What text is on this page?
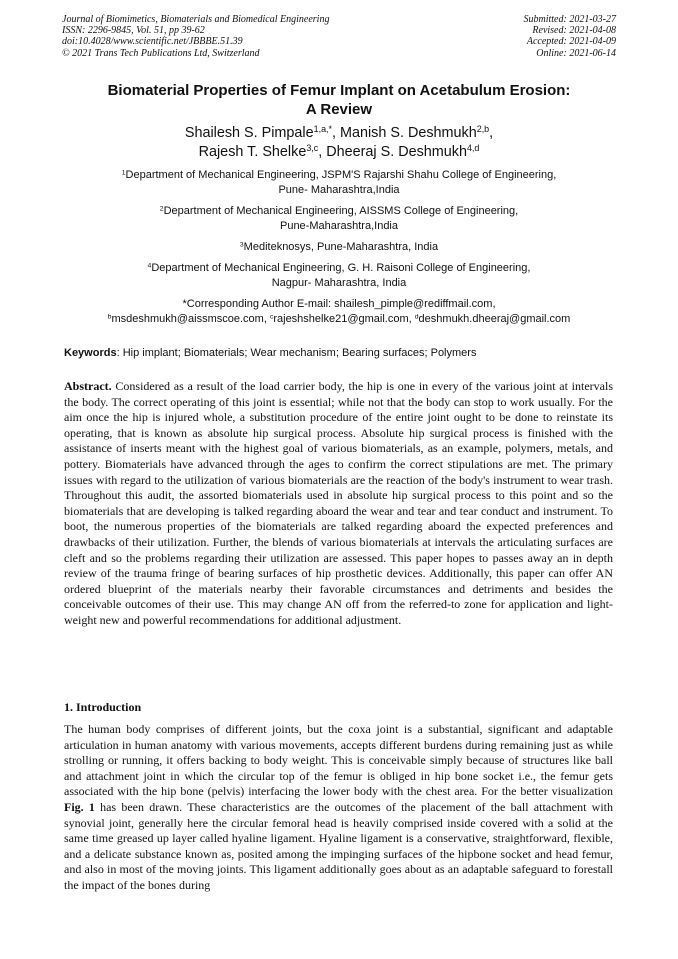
Journal of Biomimetics, Biomaterials and Biomedical Engineering
ISSN: 2296-9845, Vol. 51, pp 39-62
doi:10.4028/www.scientific.net/JBBBE.51.39
© 2021 Trans Tech Publications Ltd, Switzerland
Submitted: 2021-03-27
Revised: 2021-04-08
Accepted: 2021-04-09
Online: 2021-06-14
Biomaterial Properties of Femur Implant on Acetabulum Erosion:
A Review
Shailesh S. Pimpale$^{1,a,*}$, Manish S. Deshmukh$^{2,b}$,
Rajesh T. Shelke$^{3,c}$, Dheeraj S. Deshmukh$^{4,d}$
$^1$Department of Mechanical Engineering, JSPM'S Rajarshi Shahu College of Engineering,
Pune- Maharashtra,India
$^2$Department of Mechanical Engineering, AISSMS College of Engineering,
Pune-Maharashtra,India
$^3$Mediteknosys, Pune-Maharashtra, India
$^4$Department of Mechanical Engineering, G. H. Raisoni College of Engineering,
Nagpur- Maharashtra, India
*Corresponding Author E-mail: shailesh_pimple@rediffmail.com,
$^b$msdeshmukh@aissmscoe.com, $^c$rajeshshelke21@gmail.com, $^d$deshmukh.dheeraj@gmail.com
Keywords: Hip implant; Biomaterials; Wear mechanism; Bearing surfaces; Polymers
Abstract. Considered as a result of the load carrier body, the hip is one in every of the various joint at intervals the body. The correct operating of this joint is essential; while not that the body can stop to work usually. For the aim once the hip is injured whole, a substitution procedure of the entire joint ought to be done to reinstate its operating, that is known as absolute hip surgical process. Absolute hip surgical process is finished with the assistance of inserts meant with the highest goal of various biomaterials, as an example, polymers, metals, and pottery. Biomaterials have advanced through the ages to confirm the correct stipulations are met. The primary issues with regard to the utilization of various biomaterials are the reaction of the body's instrument to wear trash. Throughout this audit, the assorted biomaterials used in absolute hip surgical process to this point and so the biomaterials that are developing is talked regarding aboard the wear and tear and tear conduct and instrument. To boot, the numerous properties of the biomaterials are talked regarding aboard the expected preferences and drawbacks of their utilization. Further, the blends of various biomaterials at intervals the articulating surfaces are cleft and so the problems regarding their utilization are assessed. This paper hopes to passes away an in depth review of the trauma fringe of bearing surfaces of hip prosthetic devices. Additionally, this paper can offer AN ordered blueprint of the materials nearby their favorable circumstances and detriments and besides the conceivable outcomes of their use. This may change AN off from the referred-to zone for application and light-weight new and powerful recommendations for additional adjustment.
1. Introduction
The human body comprises of different joints, but the coxa joint is a substantial, significant and adaptable articulation in human anatomy with various movements, accepts different burdens during remaining just as while strolling or running, it offers backing to body weight. This is conceivable simply because of structures like ball and attachment joint in which the circular top of the femur is obliged in hip bone socket i.e., the femur gets associated with the hip bone (pelvis) interfacing the lower body with the chest area. For the better visualization Fig. 1 has been drawn. These characteristics are the outcomes of the placement of the ball attachment with synovial joint, generally here the circular femoral head is heavily comprised inside covered with a solid at the same time greased up layer called hyaline ligament. Hyaline ligament is a conservative, straightforward, flexible, and a delicate substance known as, posited among the impinging surfaces of the hipbone socket and head femur, and also in most of the moving joints. This ligament additionally goes about as an adaptable safeguard to forestall the impact of the bones during
